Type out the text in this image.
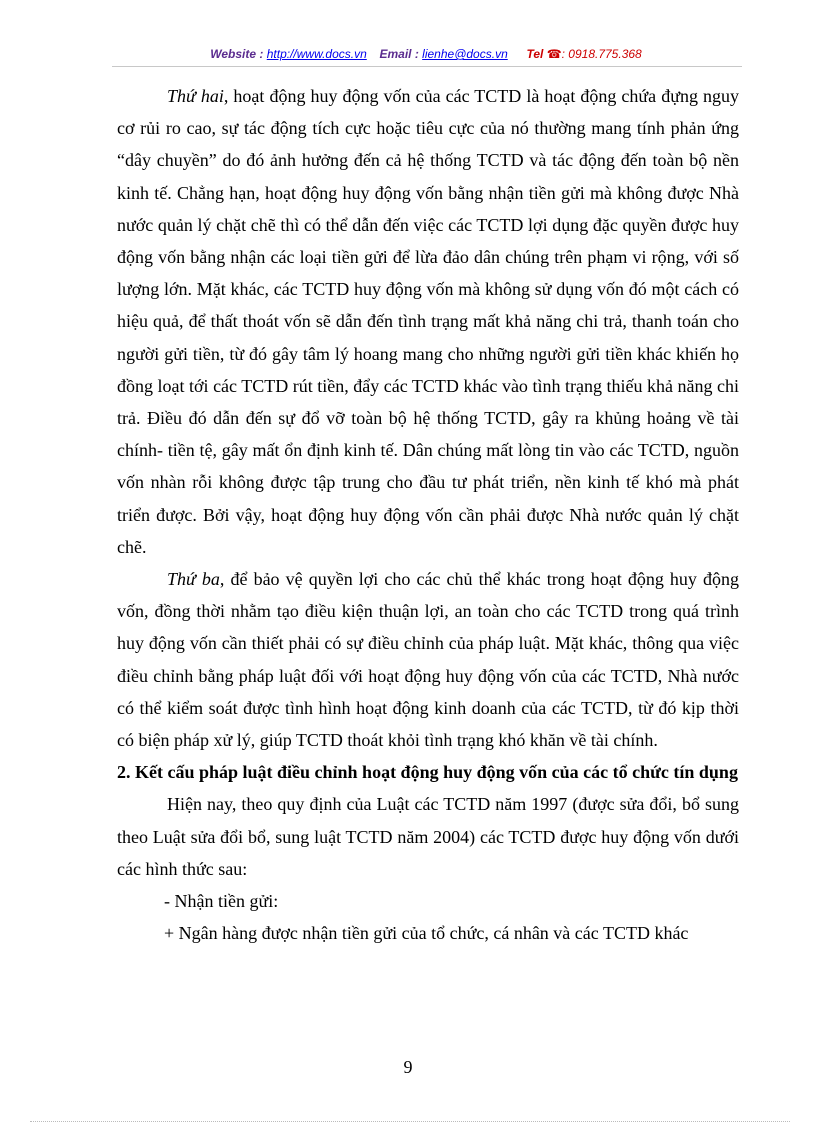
Website : http://www.docs.vn Email : lienhe@docs.vn Tel ☎: 0918.775.368

Thứ hai, hoạt động huy động vốn của các TCTD là hoạt động chứa đựng nguy cơ rủi ro cao, sự tác động tích cực hoặc tiêu cực của nó thường mang tính phản ứng “dây chuyền” do đó ảnh hưởng đến cả hệ thống TCTD và tác động đến toàn bộ nền kinh tế. Chẳng hạn, hoạt động huy động vốn bằng nhận tiền gửi mà không được Nhà nước quản lý chặt chẽ thì có thể dẫn đến việc các TCTD lợi dụng đặc quyền được huy động vốn bằng nhận các loại tiền gửi để lừa đảo dân chúng trên phạm vi rộng, với số lượng lớn. Mặt khác, các TCTD huy động vốn mà không sử dụng vốn đó một cách có hiệu quả, để thất thoát vốn sẽ dẫn đến tình trạng mất khả năng chi trả, thanh toán cho người gửi tiền, từ đó gây tâm lý hoang mang cho những người gửi tiền khác khiến họ đồng loạt tới các TCTD rút tiền, đẩy các TCTD khác vào tình trạng thiếu khả năng chi trả. Điều đó dẫn đến sự đổ vỡ toàn bộ hệ thống TCTD, gây ra khủng hoảng về tài chính- tiền tệ, gây mất ổn định kinh tế. Dân chúng mất lòng tin vào các TCTD, nguồn vốn nhàn rỗi không được tập trung cho đầu tư phát triển, nền kinh tế khó mà phát triển được. Bởi vậy, hoạt động huy động vốn cần phải được Nhà nước quản lý chặt chẽ.

Thứ ba, để bảo vệ quyền lợi cho các chủ thể khác trong hoạt động huy động vốn, đồng thời nhằm tạo điều kiện thuận lợi, an toàn cho các TCTD trong quá trình huy động vốn cần thiết phải có sự điều chỉnh của pháp luật. Mặt khác, thông qua việc điều chỉnh bằng pháp luật đối với hoạt động huy động vốn của các TCTD, Nhà nước có thể kiểm soát được tình hình hoạt động kinh doanh của các TCTD, từ đó kịp thời có biện pháp xử lý, giúp TCTD thoát khỏi tình trạng khó khăn về tài chính.

2. Kết cấu pháp luật điều chỉnh hoạt động huy động vốn của các tổ chức tín dụng

Hiện nay, theo quy định của Luật các TCTD năm 1997 (được sửa đổi, bổ sung theo Luật sửa đổi bổ, sung luật TCTD năm 2004) các TCTD được huy động vốn dưới các hình thức sau:

- Nhận tiền gửi:

+ Ngân hàng được nhận tiền gửi của tổ chức, cá nhân và các TCTD khác

9
